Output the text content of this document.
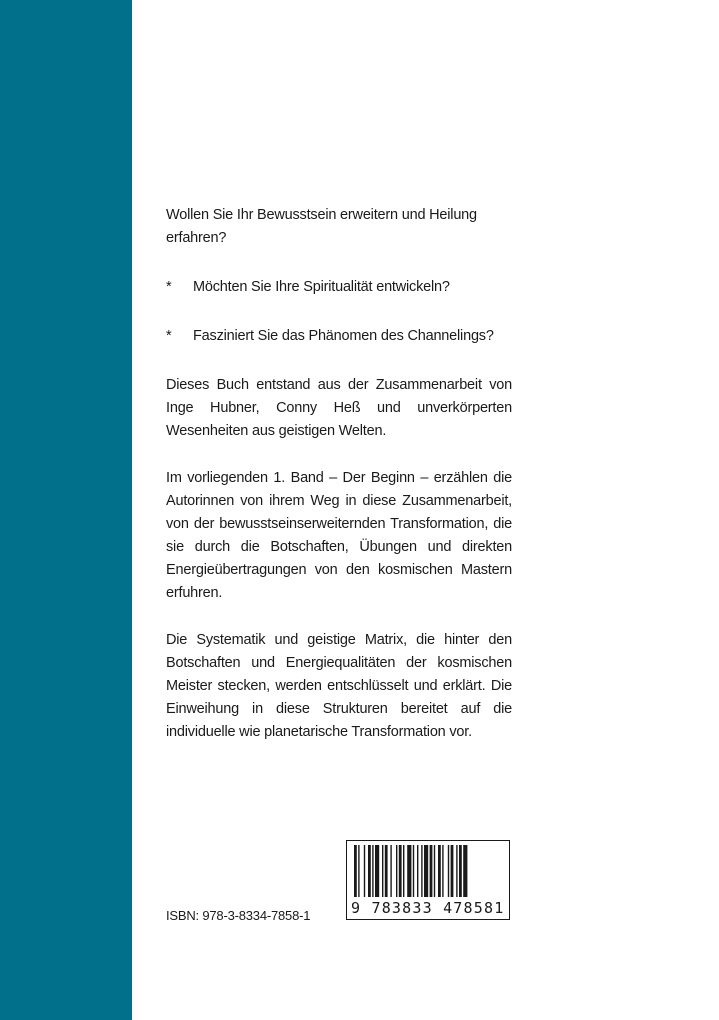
Wollen Sie Ihr Bewusstsein erweitern und Heilung erfahren?

*	Möchten Sie Ihre Spiritualität entwickeln?

*	Fasziniert Sie das Phänomen des Channelings?

Dieses Buch entstand aus der Zusammenarbeit von Inge Hubner, Conny Heß und unverkörperten Wesenheiten aus geistigen Welten.

Im vorliegenden 1. Band – Der Beginn – erzählen die Autorinnen von ihrem Weg in diese Zusammenarbeit, von der bewusstseinserweiternden Transformation, die sie durch die Botschaften, Übungen und direkten Energieübertragungen von den kosmischen Mastern erfuhren.

Die Systematik und geistige Matrix, die hinter den Botschaften und Energiequalitäten der kosmischen Meister stecken, werden entschlüsselt und erklärt. Die Einweihung in diese Strukturen bereitet auf die individuelle wie planetarische Transformation vor.

ISBN: 978-3-8334-7858-1	9 783833 478581
